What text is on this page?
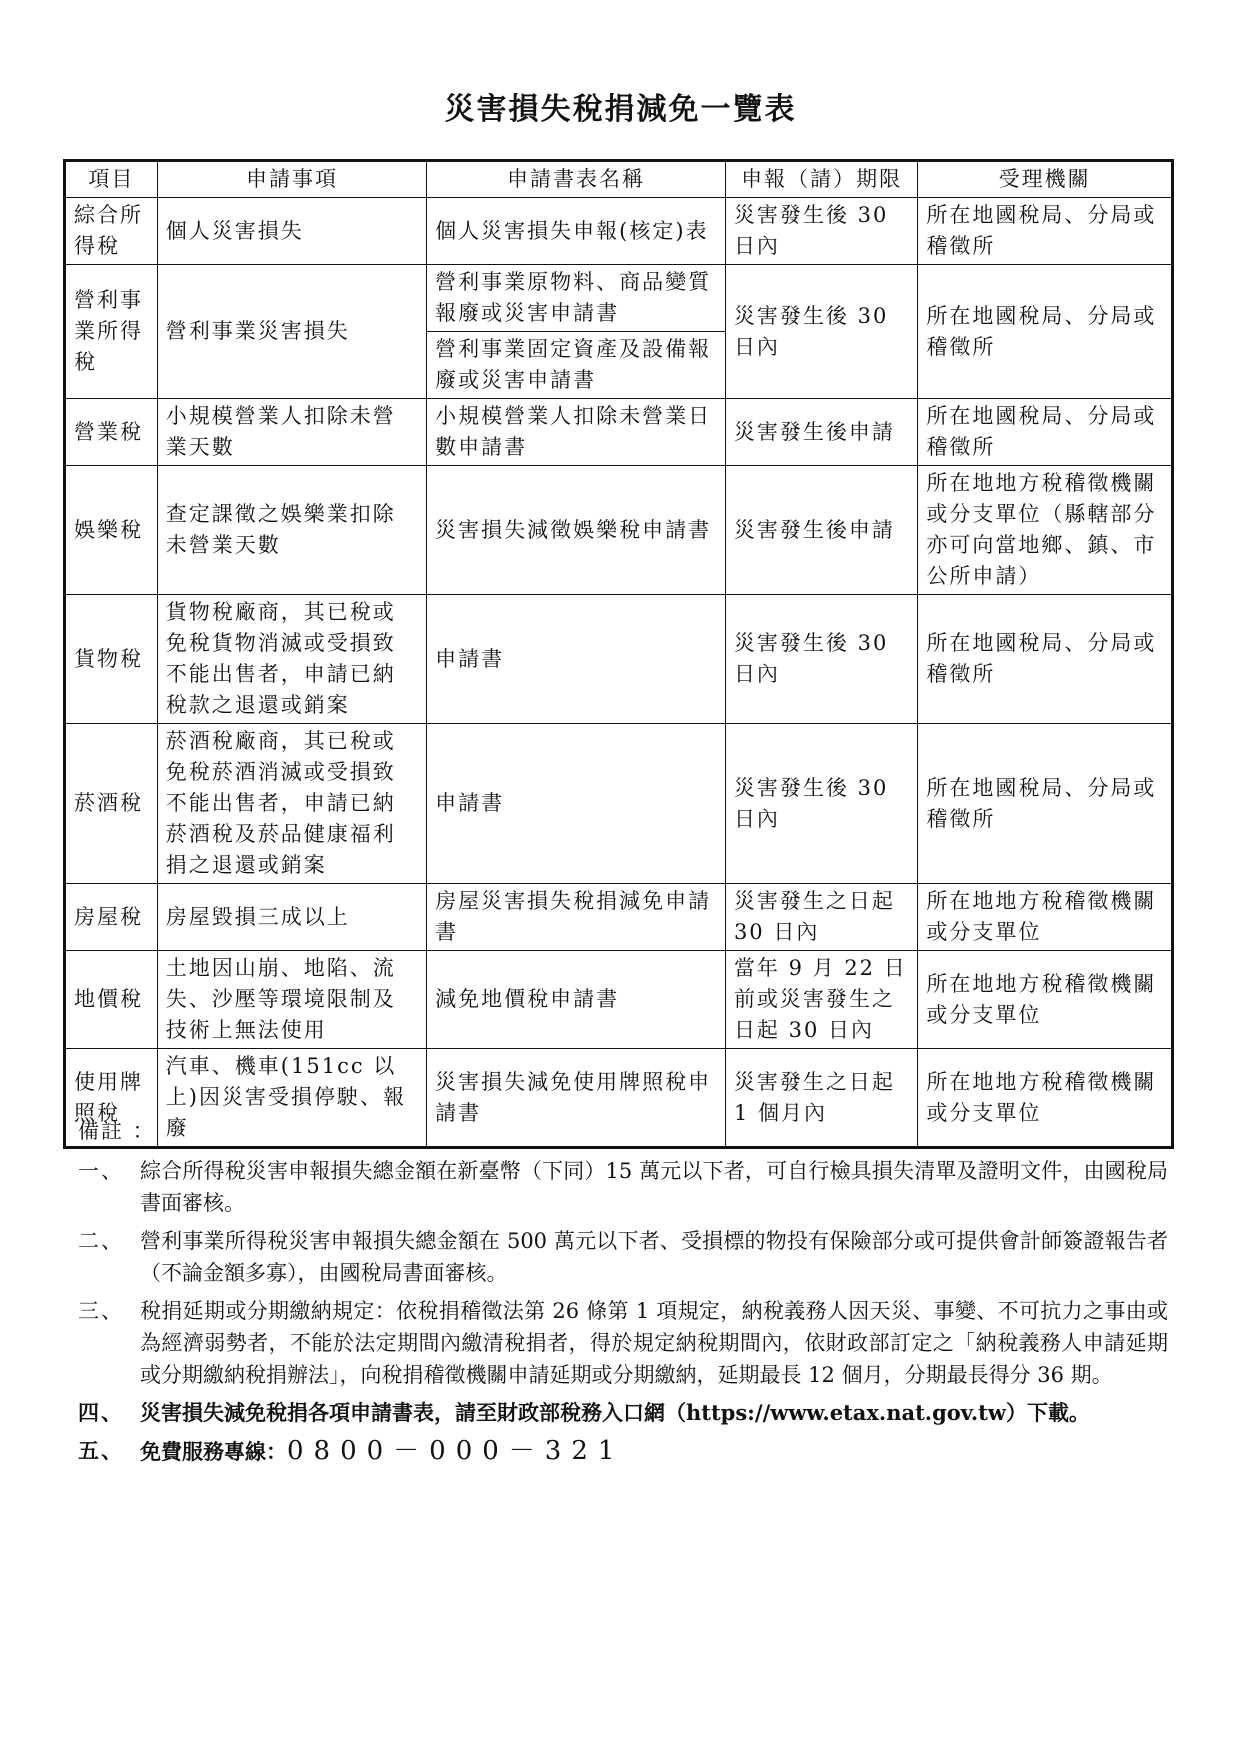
災害損失稅捐減免一覽表
項目	申請事項	申請書表名稱	申報（請）期限	受理機關
綜合所得稅	個人災害損失	個人災害損失申報(核定)表	災害發生後 30 日內	所在地國稅局、分局或稽徵所
營利事業所得稅	營利事業災害損失	營利事業原物料、商品變質報廢或災害申請書	災害發生後 30 日內	所在地國稅局、分局或稽徵所
		營利事業固定資產及設備報廢或災害申請書		
營業稅	小規模營業人扣除未營業天數	小規模營業人扣除未營業日數申請書	災害發生後申請	所在地國稅局、分局或稽徵所
娛樂稅	查定課徵之娛樂業扣除未營業天數	災害損失減徵娛樂稅申請書	災害發生後申請	所在地地方稅稽徵機關或分支單位（縣轄部分亦可向當地鄉、鎮、市公所申請）
貨物稅	貨物稅廠商，其已稅或免稅貨物消滅或受損致不能出售者，申請已納稅款之退還或銷案	申請書	災害發生後 30 日內	所在地國稅局、分局或稽徵所
菸酒稅	菸酒稅廠商，其已稅或免稅菸酒消滅或受損致不能出售者，申請已納菸酒稅及菸品健康福利捐之退還或銷案	申請書	災害發生後 30 日內	所在地國稅局、分局或稽徵所
房屋稅	房屋毀損三成以上	房屋災害損失稅捐減免申請書	災害發生之日起 30 日內	所在地地方稅稽徵機關或分支單位
地價稅	土地因山崩、地陷、流失、沙壓等環境限制及技術上無法使用	減免地價稅申請書	當年 9 月 22 日前或災害發生之日起 30 日內	所在地地方稅稽徵機關或分支單位
使用牌照稅	汽車、機車(151cc 以上)因災害受損停駛、報廢	災害損失減免使用牌照稅申請書	災害發生之日起 1 個月內	所在地地方稅稽徵機關或分支單位
備註 ：
一、 綜合所得稅災害申報損失總金額在新臺幣（下同）15 萬元以下者，可自行檢具損失清單及證明文件，由國稅局書面審核。
二、 營利事業所得稅災害申報損失總金額在 500 萬元以下者、受損標的物投有保險部分或可提供會計師簽證報告者（不論金額多寡），由國稅局書面審核。
三、 稅捐延期或分期繳納規定：依稅捐稽徵法第 26 條第 1 項規定，納稅義務人因天災、事變、不可抗力之事由或為經濟弱勢者，不能於法定期間內繳清稅捐者，得於規定納稅期間內，依財政部訂定之「納稅義務人申請延期或分期繳納稅捐辦法」，向稅捐稽徵機關申請延期或分期繳納，延期最長 12 個月，分期最長得分 36 期。
四、 災害損失減免稅捐各項申請書表，請至財政部稅務入口網（https://www.etax.nat.gov.tw）下載。
五、 免費服務專線：0800－000－321
